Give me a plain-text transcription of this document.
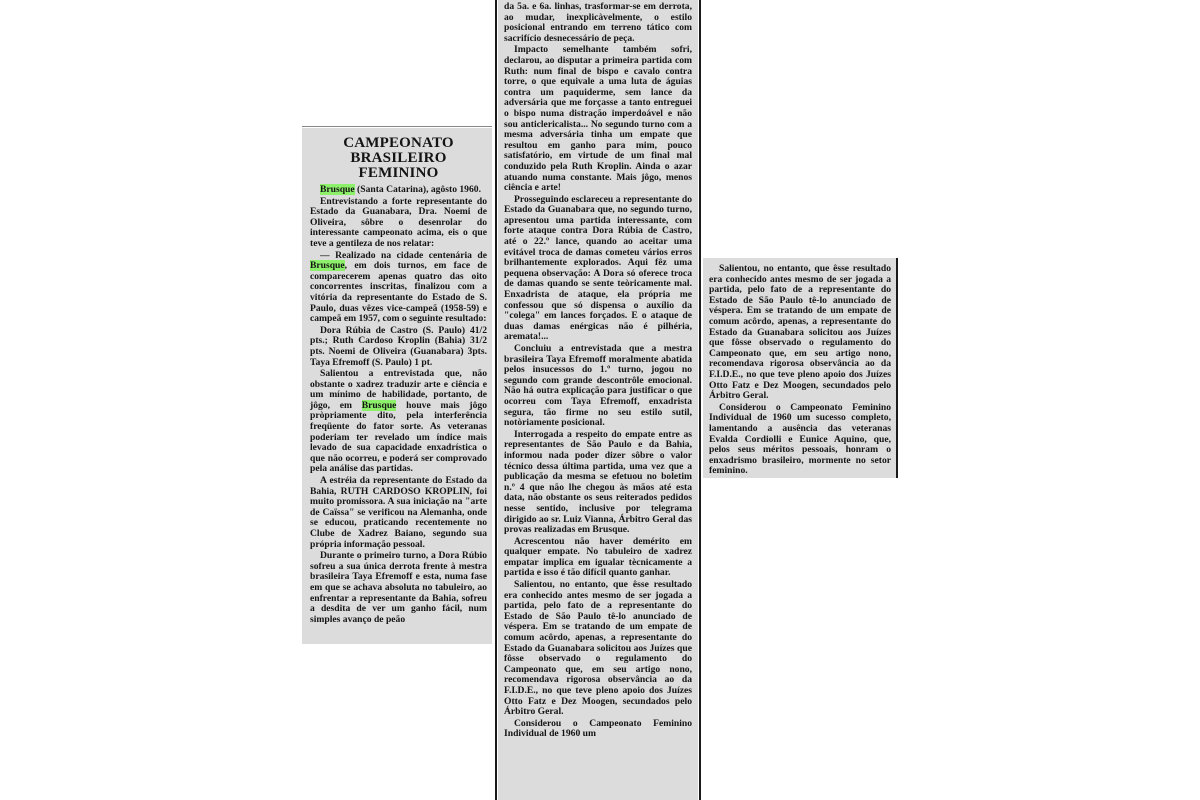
CAMPEONATO
BRASILEIRO FEMININO

Brusque (Santa Catarina), agôsto 1960.

Entrevistando a forte representante do Estado da Guanabara, Dra. Noemi de Oliveira, sôbre o desenrolar do interessante campeonato acima, eis o que teve a gentileza de nos relatar:

— Realizado na cidade centenária de Brusque, em dois turnos, em face de comparecerem apenas quatro das oito concorrentes inscritas, finalizou com a vitória da representante do Estado de S. Paulo, duas vêzes vice-campeã (1958-59) e campeã em 1957, com o seguinte resultado:

Dora Rúbia de Castro (S. Paulo) 41/2 pts.; Ruth Cardoso Kroplin (Bahia) 31/2 pts. Noemi de Oliveira (Guanabara) 3pts. Taya Efremoff (S. Paulo) 1 pt.

Salientou a entrevistada que, não obstante o xadrez traduzir arte e ciência e um mínimo de habilidade, portanto, de jôgo, em Brusque houve mais jôgo pròpriamente dito, pela interferência freqüente do fator sorte. As veteranas poderiam ter revelado um índice mais levado de sua capacidade enxadrística o que não ocorreu, e poderá ser comprovado pela análise das partidas.

A estréia da representante do Estado da Bahia, RUTH CARDOSO KROPLIN, foi muito promissora. A sua iniciação na "arte de Caïssa" se verificou na Alemanha, onde se educou, praticando recentemente no Clube de Xadrez Baiano, segundo sua própria informação pessoal.

Durante o primeiro turno, a Dora Rúbio sofreu a sua única derrota frente à mestra brasileira Taya Efremoff e esta, numa fase em que se achava absoluta no tabuleiro, ao enfrentar a representante da Bahia, sofreu a desdita de ver um ganho fácil, num simples avanço de peão

da 5a. e 6a. linhas, trasformar-se em derrota, ao mudar, inexplicàvelmente, o estilo posicional entrando em terreno tático com sacrifício desnecessário de peça.

Impacto semelhante também sofri, declarou, ao disputar a primeira partida com Ruth: num final de bispo e cavalo contra torre, o que equivale a uma luta de águias contra um paquiderme, sem lance da adversária que me forçasse a tanto entreguei o bispo numa distração imperdoável e não sou anticlericalista... No segundo turno com a mesma adversária tinha um empate que resultou em ganho para mim, pouco satisfatório, em virtude de um final mal conduzido pela Ruth Kroplin. Ainda o azar atuando numa constante. Mais jôgo, menos ciência e arte!

Prosseguindo esclareceu a representante do Estado da Guanabara que, no segundo turno, apresentou uma partida interessante, com forte ataque contra Dora Rúbia de Castro, até o 22.º lance, quando ao aceitar uma evitável troca de damas cometeu vários erros brilhantemente explorados. Aqui fêz uma pequena observação: A Dora só oferece troca de damas quando se sente teòricamente mal. Enxadrista de ataque, ela própria me confessou que só dispensa o auxílio da "colega" em lances forçados. E o ataque de duas damas enérgicas não é pilhéria, aremata!...

Concluiu a entrevistada que a mestra brasileira Taya Efremoff moralmente abatida pelos insucessos do 1.º turno, jogou no segundo com grande descontrôle emocional. Não há outra explicação para justificar o que ocorreu com Taya Efremoff, enxadrista segura, tão firme no seu estilo sutil, notòriamente posicional.

Interrogada a respeito do empate entre as representantes de São Paulo e da Bahia, informou nada poder dizer sôbre o valor técnico dessa última partida, uma vez que a publicação da mesma se efetuou no boletim n.º 4 que não lhe chegou às mãos até esta data, não obstante os seus reiterados pedidos nesse sentido, inclusive por telegrama dirigido ao sr. Luiz Vianna, Árbitro Geral das provas realizadas em Brusque.

Acrescentou não haver demérito em qualquer empate. No tabuleiro de xadrez empatar implica em igualar tècnicamente a partida e isso é tão difícil quanto ganhar.

Salientou, no entanto, que êsse resultado era conhecido antes mesmo de ser jogada a partida, pelo fato de a representante do Estado de São Paulo tê-lo anunciado de véspera. Em se tratando de um empate de comum acôrdo, apenas, a representante do Estado da Guanabara solicitou aos Juízes que fôsse observado o regulamento do Campeonato que, em seu artigo nono, recomendava rigorosa observância ao da F.I.D.E., no que teve pleno apoio dos Juízes Otto Fatz e Dez Moogen, secundados pelo Árbitro Geral.

Considerou o Campeonato Feminino Individual de 1960 um

Salientou, no entanto, que êsse resultado era conhecido antes mesmo de ser jogada a partida, pelo fato de a representante do Estado de São Paulo tê-lo anunciado de véspera. Em se tratando de um empate de comum acôrdo, apenas, a representante do Estado da Guanabara solicitou aos Juízes que fôsse observado o regulamento do Campeonato que, em seu artigo nono, recomendava rigorosa observância ao da F.I.D.E., no que teve pleno apoio dos Juízes Otto Fatz e Dez Moogen, secundados pelo Árbitro Geral.

Considerou o Campeonato Feminino Individual de 1960 um sucesso completo, lamentando a ausência das veteranas Evalda Cordiolli e Eunice Aquino, que, pelos seus méritos pessoais, honram o enxadrismo brasileiro, mormente no setor feminino.
